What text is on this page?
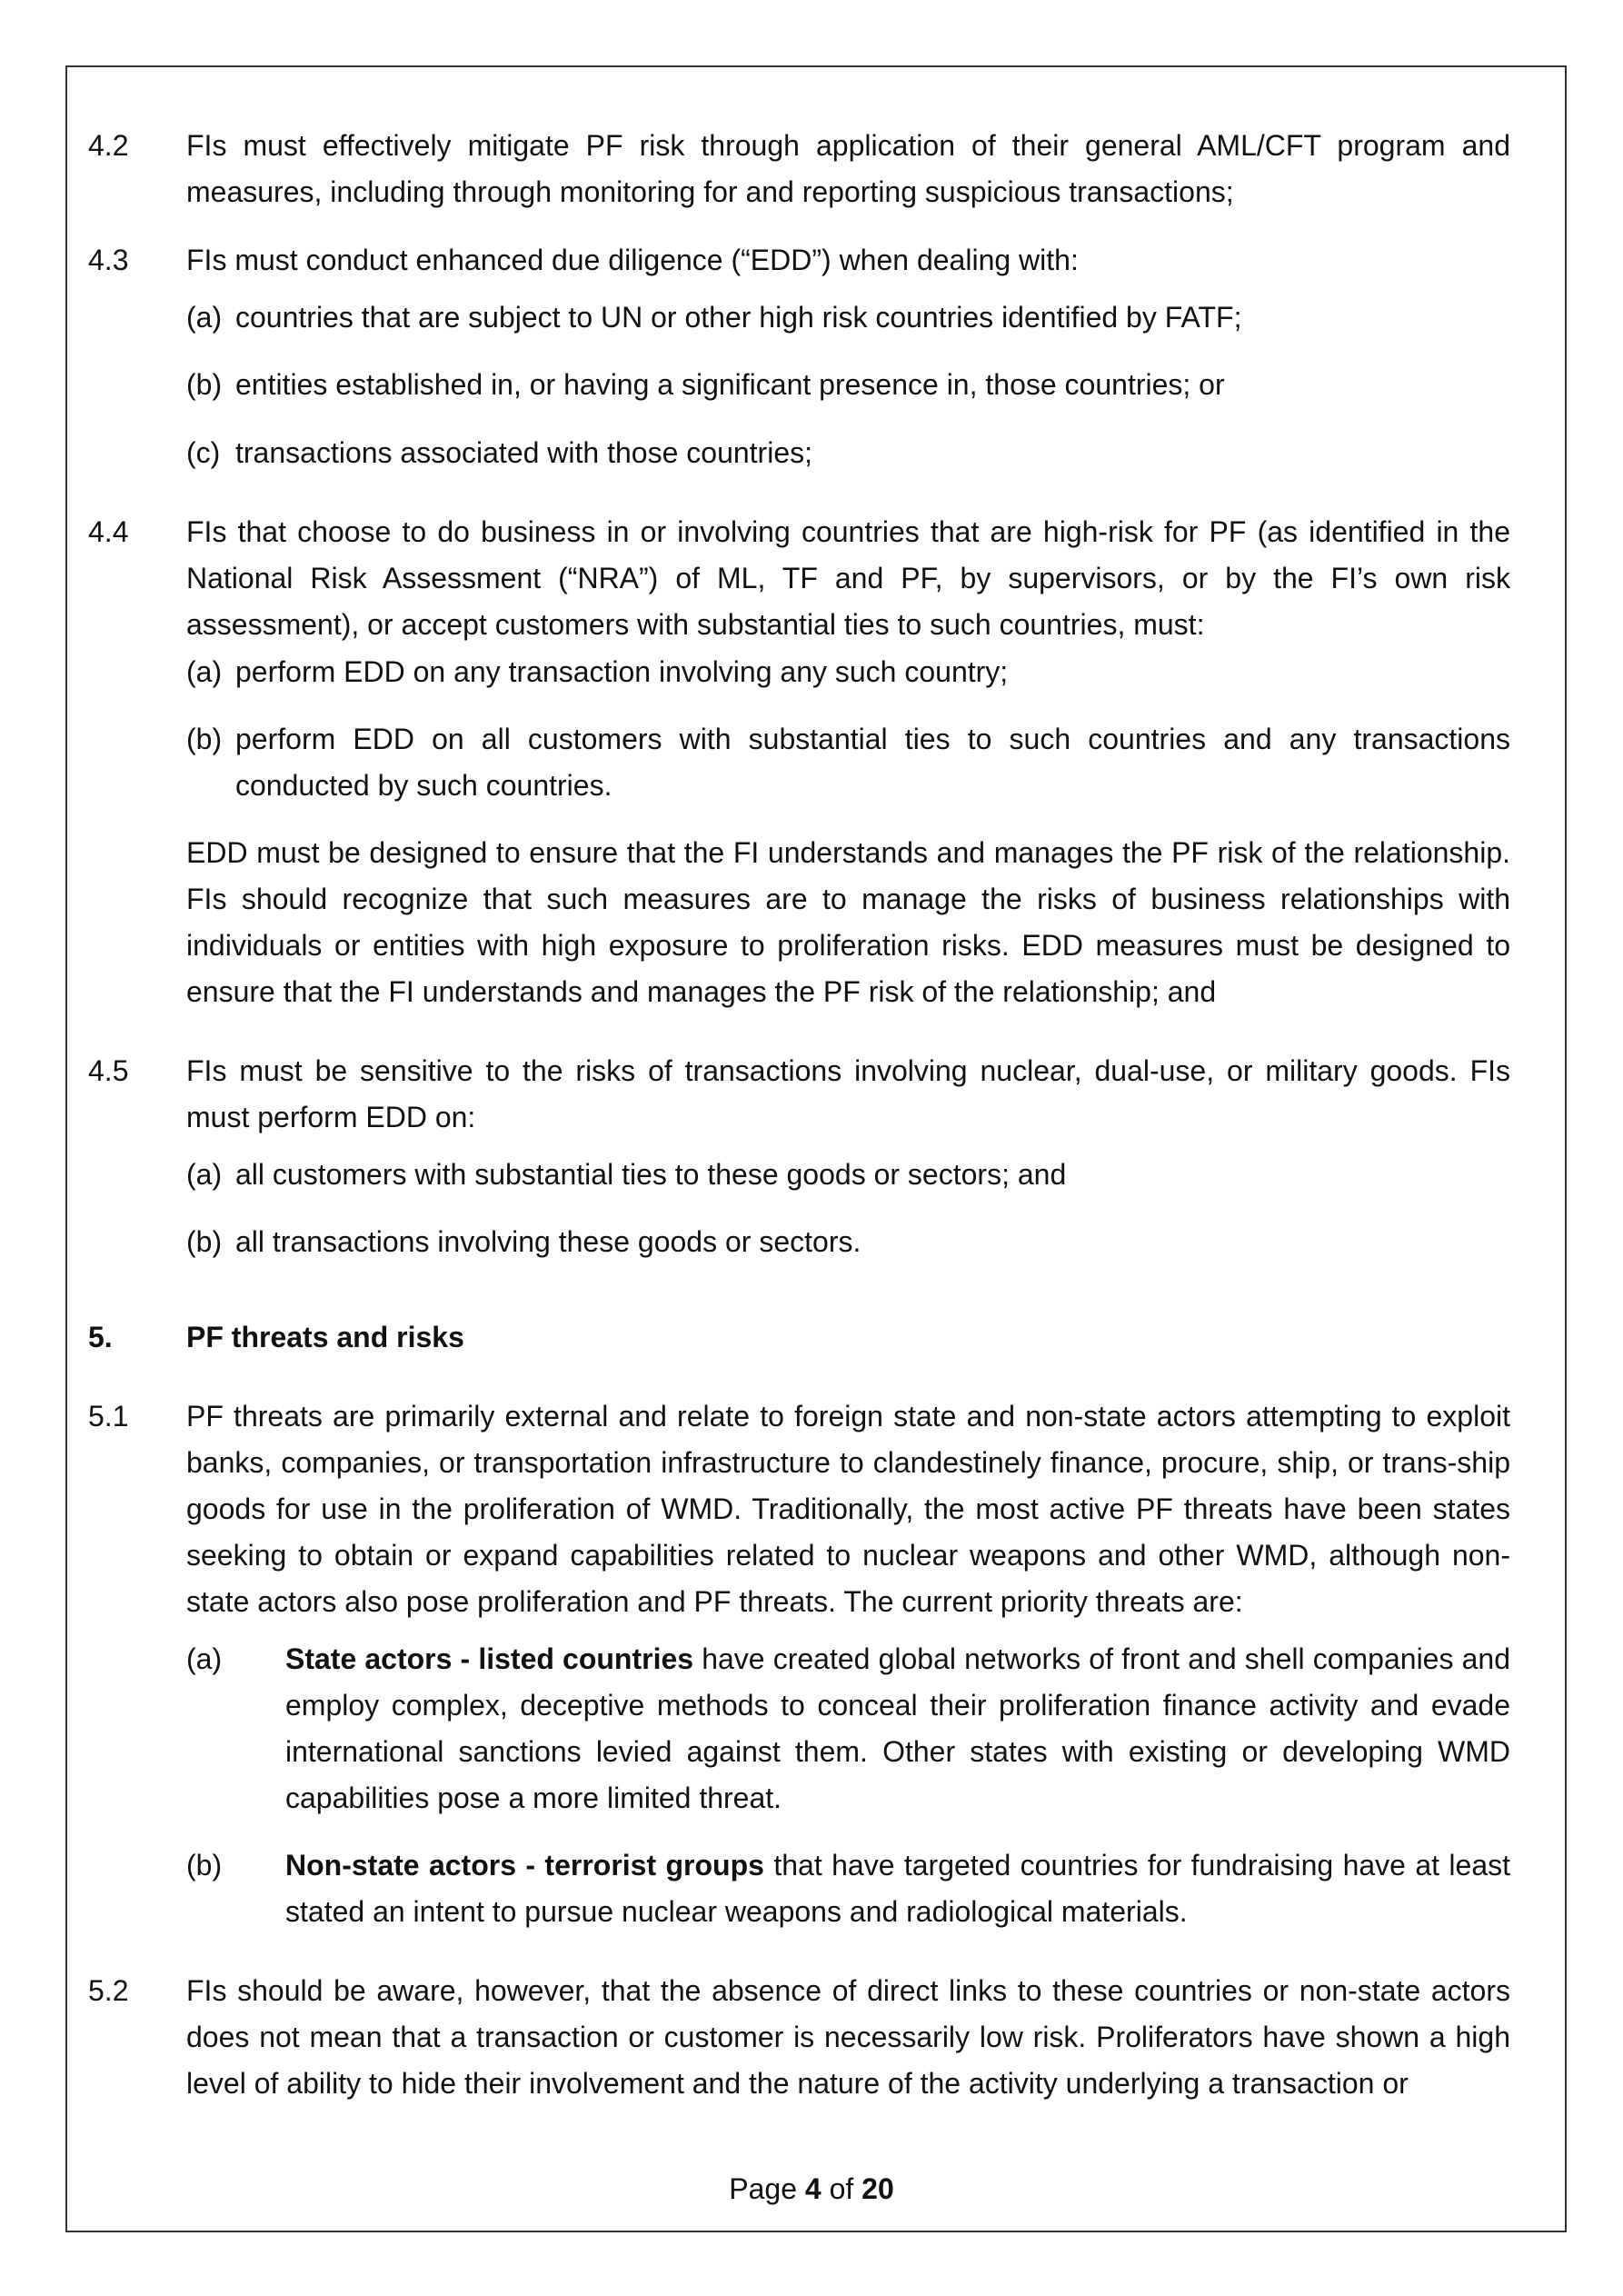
4.2	FIs must effectively mitigate PF risk through application of their general AML/CFT program and measures, including through monitoring for and reporting suspicious transactions;
4.3	FIs must conduct enhanced due diligence (“EDD”) when dealing with:
(a) countries that are subject to UN or other high risk countries identified by FATF;
(b) entities established in, or having a significant presence in, those countries; or
(c) transactions associated with those countries;
4.4	FIs that choose to do business in or involving countries that are high-risk for PF (as identified in the National Risk Assessment (“NRA”) of ML, TF and PF, by supervisors, or by the FI’s own risk assessment), or accept customers with substantial ties to such countries, must:
(a) perform EDD on any transaction involving any such country;
(b) perform EDD on all customers with substantial ties to such countries and any transactions conducted by such countries.
EDD must be designed to ensure that the FI understands and manages the PF risk of the relationship. FIs should recognize that such measures are to manage the risks of business relationships with individuals or entities with high exposure to proliferation risks. EDD measures must be designed to ensure that the FI understands and manages the PF risk of the relationship; and
4.5	FIs must be sensitive to the risks of transactions involving nuclear, dual-use, or military goods. FIs must perform EDD on:
(a) all customers with substantial ties to these goods or sectors; and
(b) all transactions involving these goods or sectors.
5.	PF threats and risks
5.1	PF threats are primarily external and relate to foreign state and non-state actors attempting to exploit banks, companies, or transportation infrastructure to clandestinely finance, procure, ship, or trans-ship goods for use in the proliferation of WMD. Traditionally, the most active PF threats have been states seeking to obtain or expand capabilities related to nuclear weapons and other WMD, although non-state actors also pose proliferation and PF threats. The current priority threats are:
(a)	State actors - listed countries have created global networks of front and shell companies and employ complex, deceptive methods to conceal their proliferation finance activity and evade international sanctions levied against them. Other states with existing or developing WMD capabilities pose a more limited threat.
(b)	Non-state actors - terrorist groups that have targeted countries for fundraising have at least stated an intent to pursue nuclear weapons and radiological materials.
5.2	FIs should be aware, however, that the absence of direct links to these countries or non-state actors does not mean that a transaction or customer is necessarily low risk. Proliferators have shown a high level of ability to hide their involvement and the nature of the activity underlying a transaction or
Page 4 of 20
